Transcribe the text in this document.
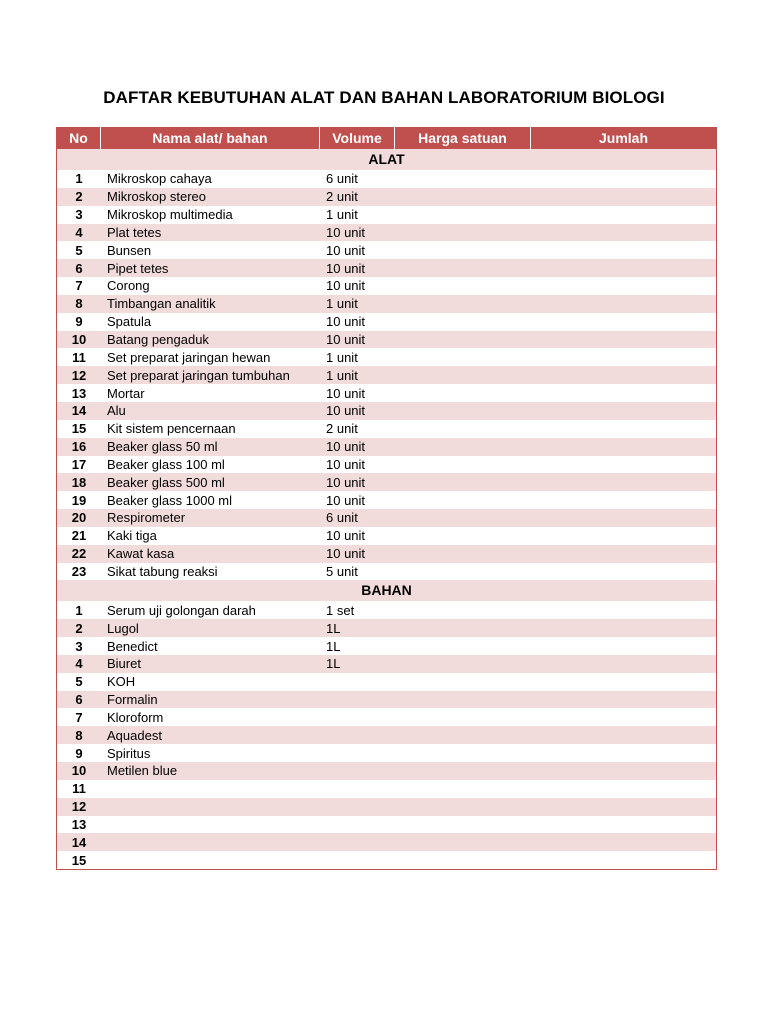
DAFTAR KEBUTUHAN ALAT DAN BAHAN LABORATORIUM BIOLOGI
No	Nama alat/ bahan	Volume	Harga satuan	Jumlah
ALAT
1	Mikroskop cahaya	6 unit
2	Mikroskop stereo	2 unit
3	Mikroskop multimedia	1 unit
4	Plat tetes	10 unit
5	Bunsen	10 unit
6	Pipet tetes	10 unit
7	Corong	10 unit
8	Timbangan analitik	1 unit
9	Spatula	10 unit
10	Batang pengaduk	10 unit
11	Set preparat jaringan hewan	1 unit
12	Set preparat jaringan tumbuhan	1 unit
13	Mortar	10 unit
14	Alu	10 unit
15	Kit sistem pencernaan	2 unit
16	Beaker glass 50 ml	10 unit
17	Beaker glass 100 ml	10 unit
18	Beaker glass 500 ml	10 unit
19	Beaker glass 1000 ml	10 unit
20	Respirometer	6 unit
21	Kaki tiga	10 unit
22	Kawat kasa	10 unit
23	Sikat tabung reaksi	5 unit
BAHAN
1	Serum uji golongan darah	1 set
2	Lugol	1L
3	Benedict	1L
4	Biuret	1L
5	KOH
6	Formalin
7	Kloroform
8	Aquadest
9	Spiritus
10	Metilen blue
11
12
13
14
15
